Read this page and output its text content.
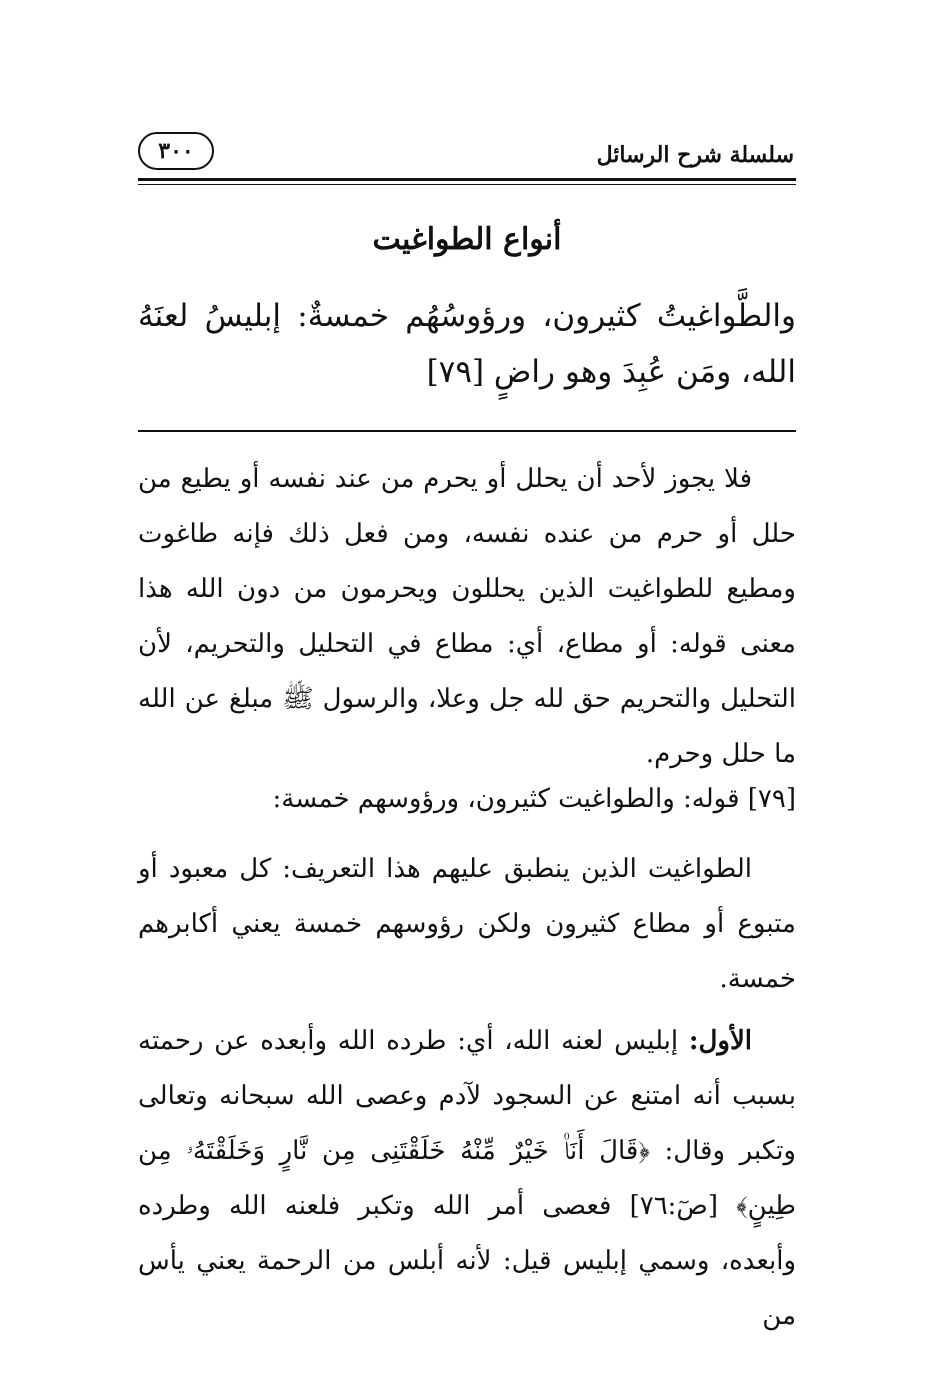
سلسلة شرح الرسائل
٣٠٠
أنواع الطواغيت
والطَّواغيتُ كثيرون، ورؤوسُهُم خمسةٌ: إبليسُ لعنَهُ الله، ومَن عُبِدَ وهو راضٍ [٧٩]

فلا يجوز لأحد أن يحلل أو يحرم من عند نفسه أو يطيع من حلل أو حرم من عنده نفسه، ومن فعل ذلك فإنه طاغوت ومطيع للطواغيت الذين يحللون ويحرمون من دون الله هذا معنى قوله: أو مطاع، أي: مطاع في التحليل والتحريم، لأن التحليل والتحريم حق لله جل وعلا، والرسول ﷺ مبلغ عن الله ما حلل وحرم.

[٧٩] قوله: والطواغيت كثيرون، ورؤوسهم خمسة:

الطواغيت الذين ينطبق عليهم هذا التعريف: كل معبود أو متبوع أو مطاع كثيرون ولكن رؤوسهم خمسة يعني أكابرهم خمسة.

الأول: إبليس لعنه الله، أي: طرده الله وأبعده عن رحمته بسبب أنه امتنع عن السجود لآدم وعصى الله سبحانه وتعالى وتكبر وقال: ﴿قَالَ أَنَا۠ خَيْرٌ مِّنْهُ خَلَقْتَنِى مِن نَّارٍ وَخَلَقْتَهُۥ مِن طِينٍ﴾ [صٓ:٧٦] فعصى أمر الله وتكبر فلعنه الله وطرده وأبعده، وسمي إبليس قيل: لأنه أبلس من الرحمة يعني يأس من
